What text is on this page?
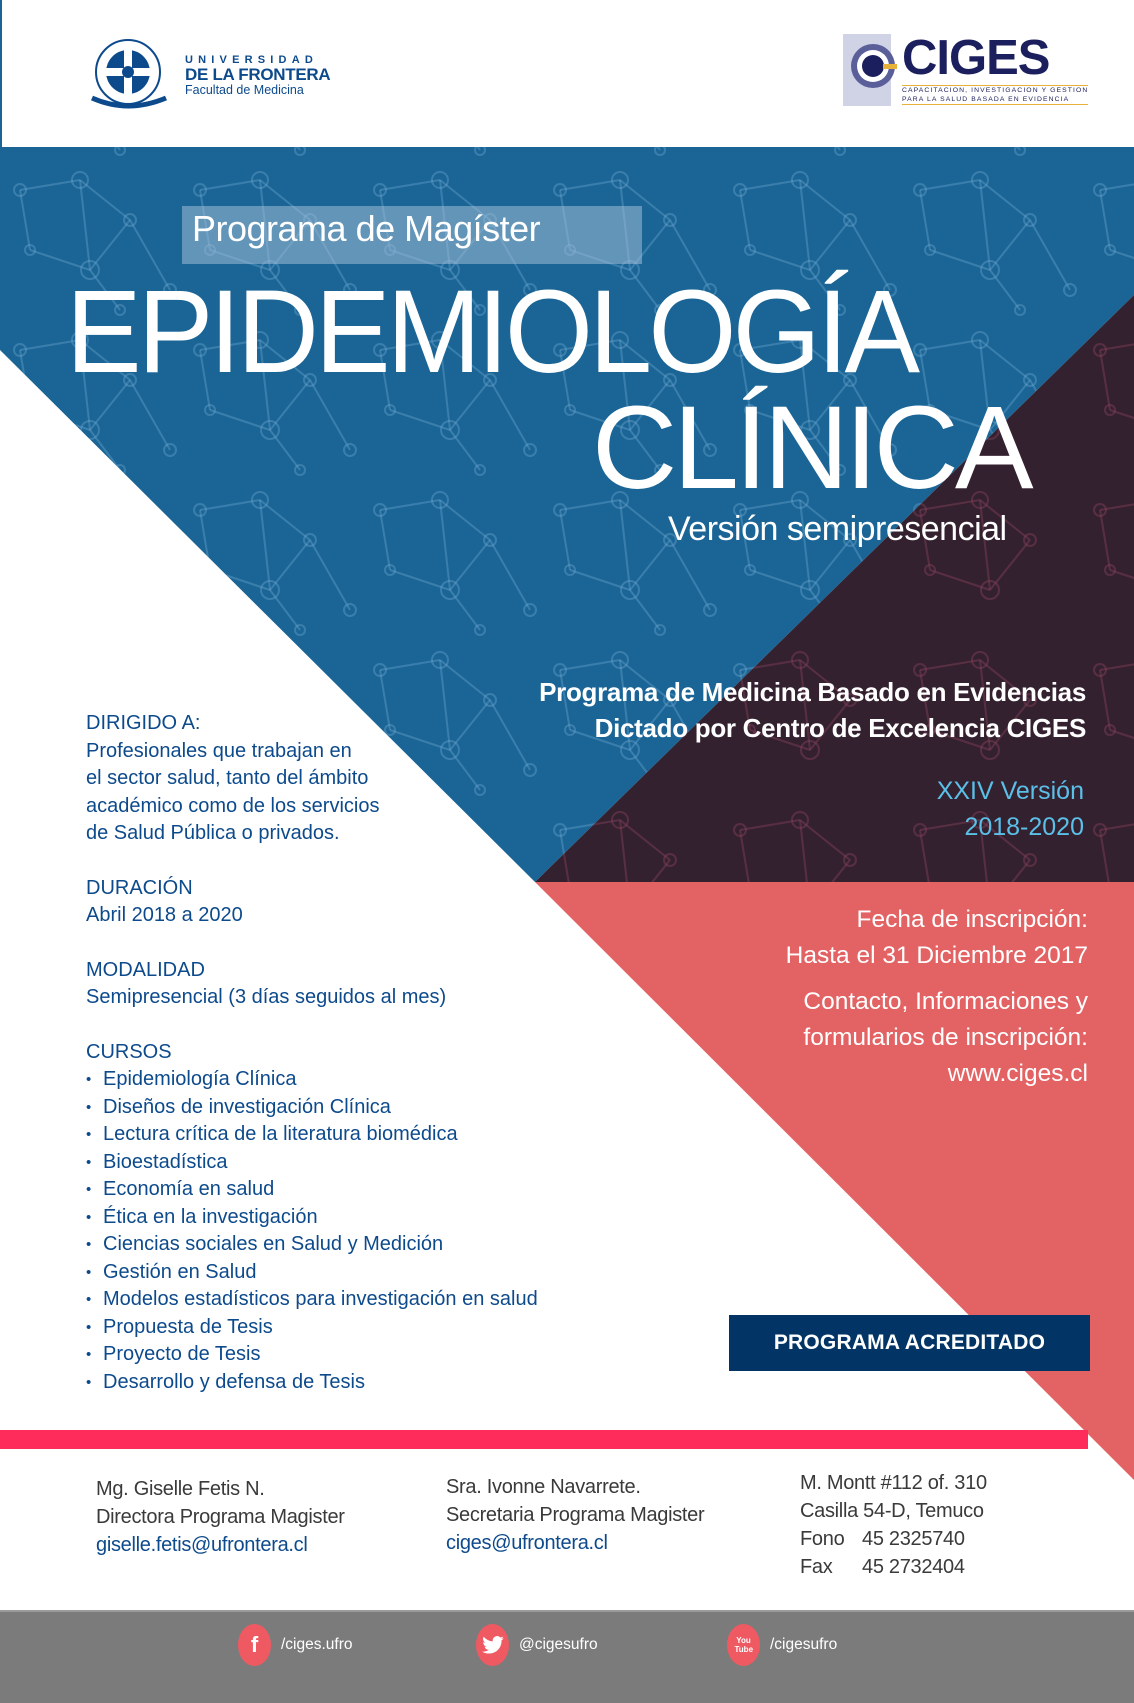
UNIVERSIDAD
DE LA FRONTERA
Facultad de Medicina
CIGES
CAPACITACION, INVESTIGACION Y GESTION
PARA LA SALUD BASADA EN EVIDENCIA
Programa de Magíster
EPIDEMIOLOGÍA
CLÍNICA
Versión semipresencial
Programa de Medicina Basado en Evidencias
Dictado por Centro de Excelencia CIGES
XXIV Versión
2018-2020
DIRIGIDO A:
Profesionales que trabajan en
el sector salud, tanto del ámbito
académico como de los servicios
de Salud Pública o privados.
DURACIÓN
Abril 2018 a 2020
MODALIDAD
Semipresencial (3 días seguidos al mes)
CURSOS
• Epidemiología Clínica
• Diseños de investigación Clínica
• Lectura crítica de la literatura biomédica
• Bioestadística
• Economía en salud
• Ética en la investigación
• Ciencias sociales en Salud y Medición
• Gestión en Salud
• Modelos estadísticos para investigación en salud
• Propuesta de Tesis
• Proyecto de Tesis
• Desarrollo y defensa de Tesis
Fecha de inscripción:
Hasta el 31 Diciembre 2017
Contacto, Informaciones y
formularios de inscripción:
www.ciges.cl
PROGRAMA ACREDITADO
Mg. Giselle Fetis N.
Directora Programa Magister
giselle.fetis@ufrontera.cl
Sra. Ivonne Navarrete.
Secretaria Programa Magister
ciges@ufrontera.cl
M. Montt #112 of. 310
Casilla 54-D, Temuco
Fono 45 2325740
Fax 45 2732404
f /ciges.ufro	@cigesufro	You Tube /cigesufro
